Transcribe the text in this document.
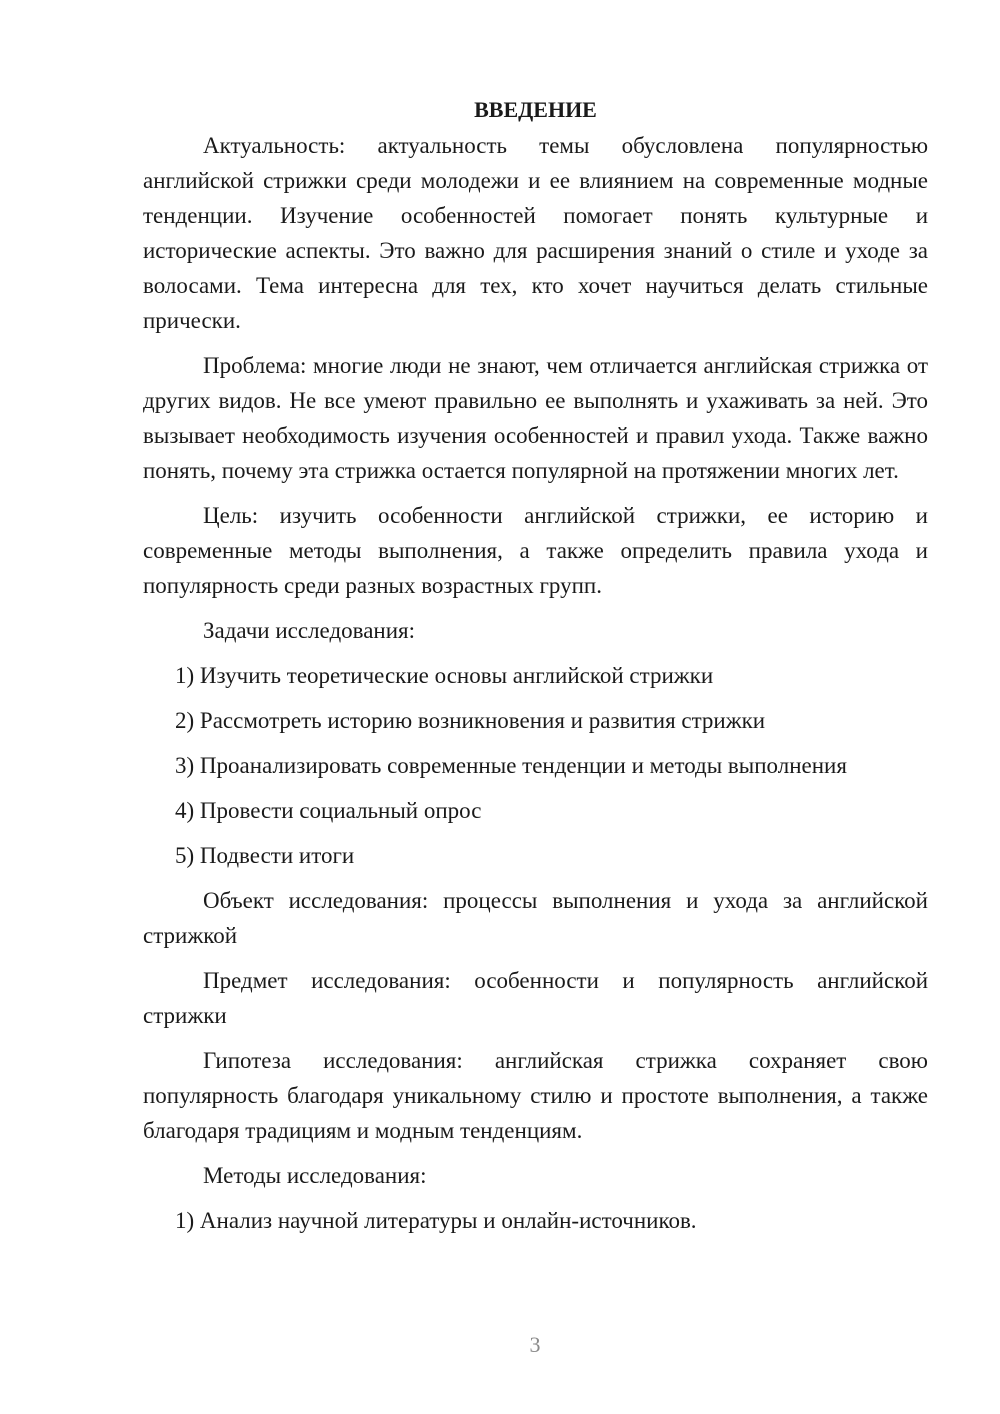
ВВЕДЕНИЕ

Актуальность: актуальность темы обусловлена популярностью английской стрижки среди молодежи и ее влиянием на современные модные тенденции. Изучение особенностей помогает понять культурные и исторические аспекты. Это важно для расширения знаний о стиле и уходе за волосами. Тема интересна для тех, кто хочет научиться делать стильные прически.

Проблема: многие люди не знают, чем отличается английская стрижка от других видов. Не все умеют правильно ее выполнять и ухаживать за ней. Это вызывает необходимость изучения особенностей и правил ухода. Также важно понять, почему эта стрижка остается популярной на протяжении многих лет.

Цель: изучить особенности английской стрижки, ее историю и современные методы выполнения, а также определить правила ухода и популярность среди разных возрастных групп.

Задачи исследования:

1) Изучить теоретические основы английской стрижки

2) Рассмотреть историю возникновения и развития стрижки

3) Проанализировать современные тенденции и методы выполнения

4) Провести социальный опрос

5) Подвести итоги

Объект исследования: процессы выполнения и ухода за английской стрижкой

Предмет исследования: особенности и популярность английской стрижки

Гипотеза исследования: английская стрижка сохраняет свою популярность благодаря уникальному стилю и простоте выполнения, а также благодаря традициям и модным тенденциям.

Методы исследования:

1) Анализ научной литературы и онлайн-источников.

3
